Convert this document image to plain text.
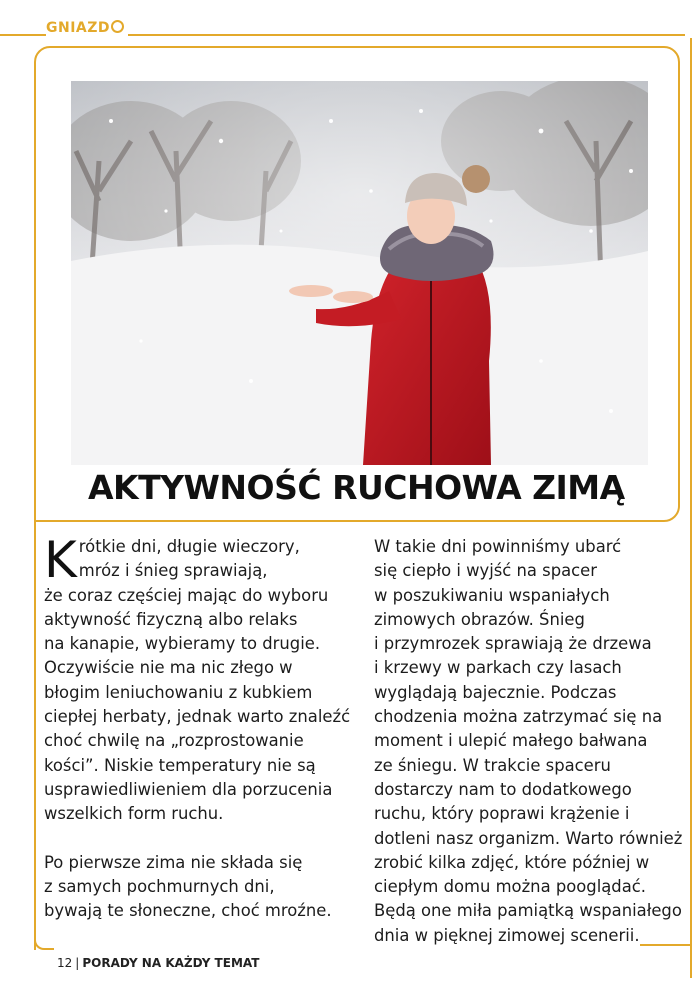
GNIAZD
AKTYWNOŚĆ RUCHOWA ZIMĄ

Krótkie dni, długie wieczory,
mróz i śnieg sprawiają,
że coraz częściej mając do wyboru
aktywność fizyczną albo relaks
na kanapie, wybieramy to drugie.
Oczywiście nie ma nic złego w
błogim leniuchowaniu z kubkiem
ciepłej herbaty, jednak warto znaleźć
choć chwilę na „rozprostowanie
kości”. Niskie temperatury nie są
usprawiedliwieniem dla porzucenia
wszelkich form ruchu.

Po pierwsze zima nie składa się
z samych pochmurnych dni,
bywają te słoneczne, choć mroźne.

W takie dni powinniśmy ubarć
się ciepło i wyjść na spacer
w poszukiwaniu wspaniałych
zimowych obrazów. Śnieg
i przymrozek sprawiają że drzewa
i krzewy w parkach czy lasach
wyglądają bajecznie. Podczas
chodzenia można zatrzymać się na
moment i ulepić małego bałwana
ze śniegu. W trakcie spaceru
dostarczy nam to dodatkowego
ruchu, który poprawi krążenie i
dotleni nasz organizm. Warto również
zrobić kilka zdjęć, które później w
ciepłym domu można pooglądać.
Będą one miła pamiątką wspaniałego
dnia w pięknej zimowej scenerii.

12 | PORADY NA KAŻDY TEMAT
